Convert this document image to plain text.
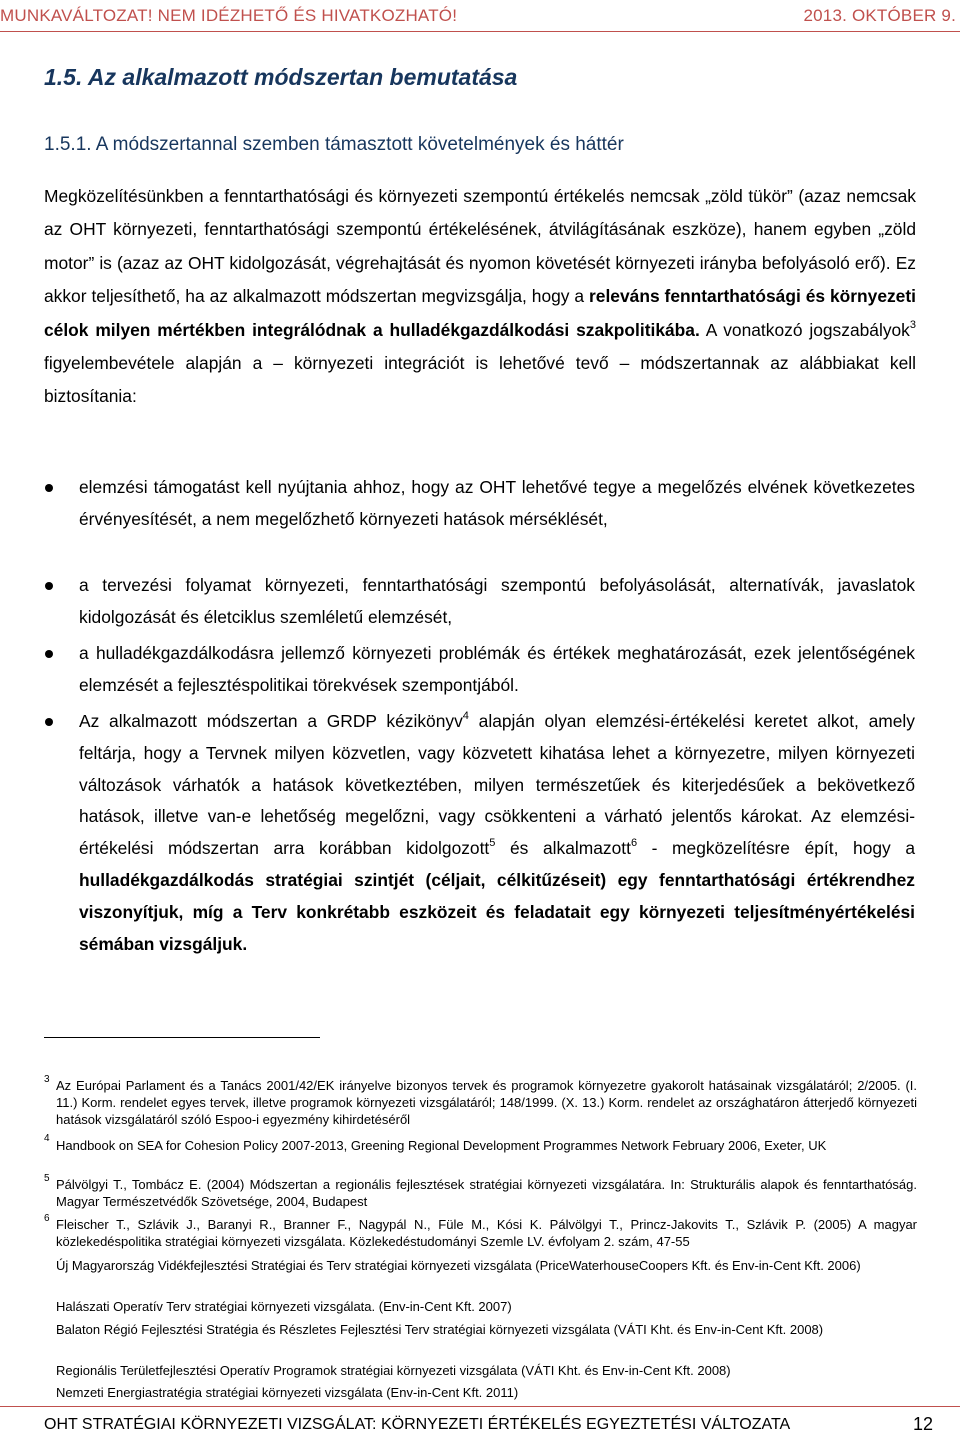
MUNKAVÁLTOZAT! NEM IDÉZHETŐ ÉS HIVATKOZHATÓ!	2013. OKTÓBER 9.
1.5. Az alkalmazott módszertan bemutatása
1.5.1. A módszertannal szemben támasztott követelmények és háttér
Megközelítésünkben a fenntarthatósági és környezeti szempontú értékelés nemcsak „zöld tükör” (azaz nemcsak az OHT környezeti, fenntarthatósági szempontú értékelésének, átvilágításának eszköze), hanem egyben „zöld motor” is (azaz az OHT kidolgozását, végrehajtását és nyomon követését környezeti irányba befolyásoló erő). Ez akkor teljesíthető, ha az alkalmazott módszertan megvizsgálja, hogy a releváns fenntarthatósági és környezeti célok milyen mértékben integrálódnak a hulladékgazdálkodási szakpolitikába. A vonatkozó jogszabályok$^3$ figyelembevétele alapján a – környezeti integrációt is lehetővé tevő – módszertannak az alábbiakat kell biztosítania:
elemzési támogatást kell nyújtania ahhoz, hogy az OHT lehetővé tegye a megelőzés elvének következetes érvényesítését, a nem megelőzhető környezeti hatások mérséklését,
a tervezési folyamat környezeti, fenntarthatósági szempontú befolyásolását, alternatívák, javaslatok kidolgozását és életciklus szemléletű elemzését,
a hulladékgazdálkodásra jellemző környezeti problémák és értékek meghatározását, ezek jelentőségének elemzését a fejlesztéspolitikai törekvések szempontjából.
Az alkalmazott módszertan a GRDP kézikönyv$^4$ alapján olyan elemzési-értékelési keretet alkot, amely feltárja, hogy a Tervnek milyen közvetlen, vagy közvetett kihatása lehet a környezetre, milyen környezeti változások várhatók a hatások következtében, milyen természetűek és kiterjedésűek a bekövetkező hatások, illetve van-e lehetőség megelőzni, vagy csökkenteni a várható jelentős károkat. Az elemzési-értékelési módszertan arra korábban kidolgozott$^5$ és alkalmazott$^6$ - megközelítésre épít, hogy a hulladékgazdálkodás stratégiai szintjét (céljait, célkitűzéseit) egy fenntarthatósági értékrendhez viszonyítjuk, míg a Terv konkrétabb eszközeit és feladatait egy környezeti teljesítményértékelési sémában vizsgáljuk.
3 Az Európai Parlament és a Tanács 2001/42/EK irányelve bizonyos tervek és programok környezetre gyakorolt hatásainak vizsgálatáról; 2/2005. (I. 11.) Korm. rendelet egyes tervek, illetve programok környezeti vizsgálatáról; 148/1999. (X. 13.) Korm. rendelet az országhatáron átterjedő környezeti hatások vizsgálatáról szóló Espoo-i egyezmény kihirdetéséről
4 Handbook on SEA for Cohesion Policy 2007-2013, Greening Regional Development Programmes Network February 2006, Exeter, UK
5 Pálvölgyi T., Tombácz E. (2004) Módszertan a regionális fejlesztések stratégiai környezeti vizsgálatára. In: Strukturális alapok és fenntarthatóság. Magyar Természetvédők Szövetsége, 2004, Budapest
6 Fleischer T., Szlávik J., Baranyi R., Branner F., Nagypál N., Füle M., Kósi K. Pálvölgyi T., Princz-Jakovits T., Szlávik P. (2005) A magyar közlekedéspolitika stratégiai környezeti vizsgálata. Közlekedéstudományi Szemle LV. évfolyam 2. szám, 47-55
Új Magyarország Vidékfejlesztési Stratégiai és Terv stratégiai környezeti vizsgálata (PriceWaterhouseCoopers Kft. és Env-in-Cent Kft. 2006)
Halászati Operatív Terv stratégiai környezeti vizsgálata. (Env-in-Cent Kft. 2007)
Balaton Régió Fejlesztési Stratégia és Részletes Fejlesztési Terv stratégiai környezeti vizsgálata (VÁTI Kht. és Env-in-Cent Kft. 2008)
Regionális Területfejlesztési Operatív Programok stratégiai környezeti vizsgálata (VÁTI Kht. és Env-in-Cent Kft. 2008)
Nemzeti Energiastratégia stratégiai környezeti vizsgálata (Env-in-Cent Kft. 2011)
OHT STRATÉGIAI KÖRNYEZETI VIZSGÁLAT: KÖRNYEZETI ÉRTÉKELÉS EGYEZTETÉSI VÁLTOZATA	12
